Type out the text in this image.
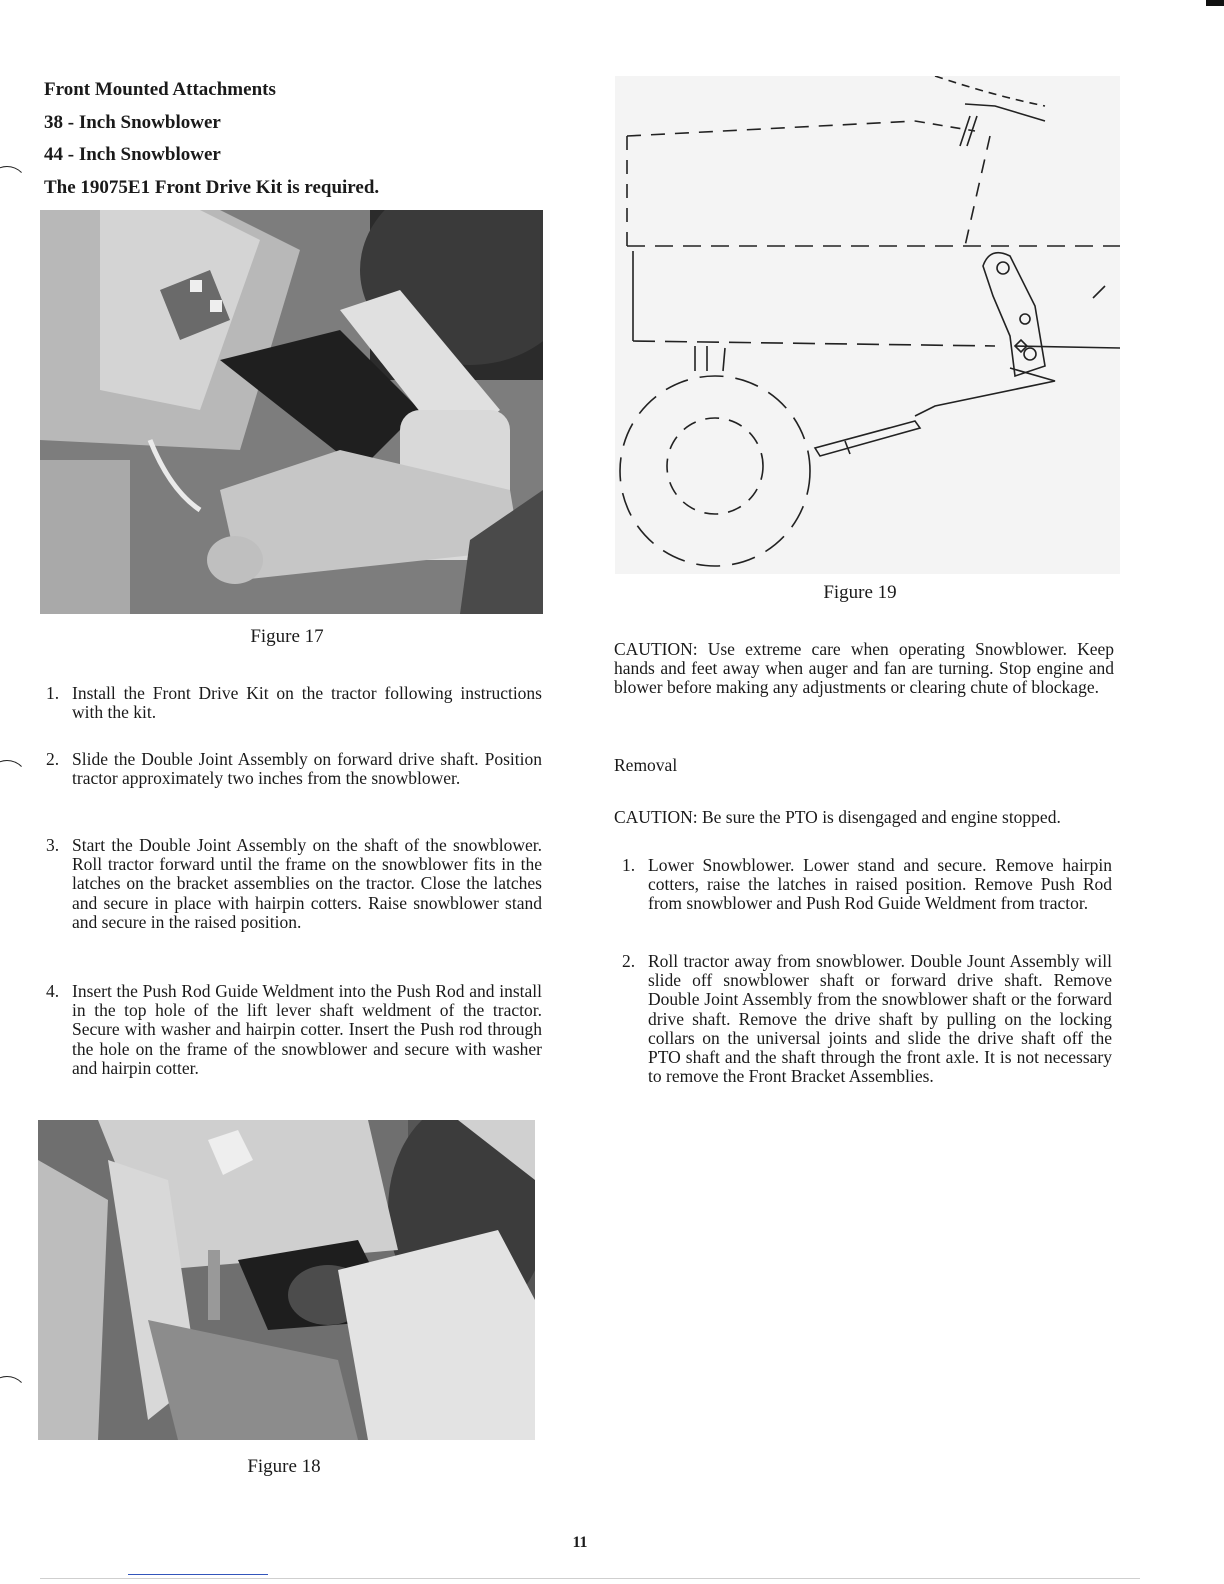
Front Mounted Attachments
38 - Inch Snowblower
44 - Inch Snowblower
The 19075E1 Front Drive Kit is required.
Figure 17
1. Install the Front Drive Kit on the tractor following instructions with the kit.
2. Slide the Double Joint Assembly on forward drive shaft. Position tractor approximately two inches from the snowblower.
3. Start the Double Joint Assembly on the shaft of the snowblower. Roll tractor forward until the frame on the snowblower fits in the latches on the bracket assemblies on the tractor. Close the latches and secure in place with hairpin cotters. Raise snowblower stand and secure in the raised position.
4. Insert the Push Rod Guide Weldment into the Push Rod and install in the top hole of the lift lever shaft weldment of the tractor. Secure with washer and hairpin cotter. Insert the Push rod through the hole on the frame of the snowblower and secure with washer and hairpin cotter.
Figure 18
Figure 19
CAUTION: Use extreme care when operating Snowblower. Keep hands and feet away when auger and fan are turning. Stop engine and blower before making any adjustments or clearing chute of blockage.
Removal
CAUTION: Be sure the PTO is disengaged and engine stopped.
1. Lower Snowblower. Lower stand and secure. Remove hairpin cotters, raise the latches in raised position. Remove Push Rod from snowblower and Push Rod Guide Weldment from tractor.
2. Roll tractor away from snowblower. Double Jount Assembly will slide off snowblower shaft or forward drive shaft. Remove Double Joint Assembly from the snowblower shaft or the forward drive shaft. Remove the drive shaft by pulling on the locking collars on the universal joints and slide the drive shaft off the PTO shaft and the shaft through the front axle. It is not necessary to remove the Front Bracket Assemblies.
11
